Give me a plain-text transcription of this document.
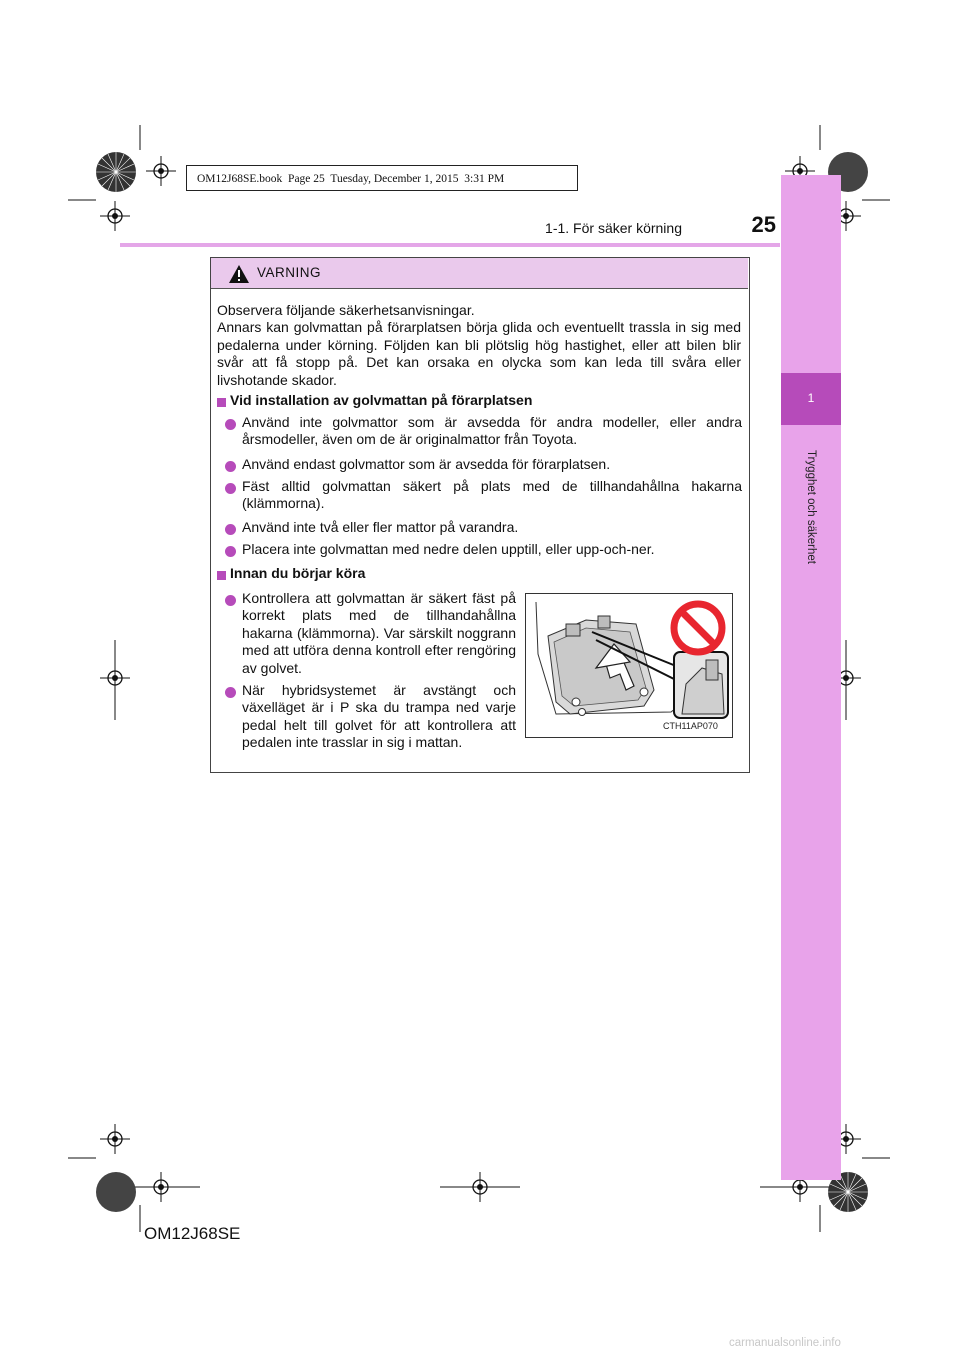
OM12J68SE.book  Page 25  Tuesday, December 1, 2015  3:31 PM
1
Trygghet och säkerhet
1-1. För säker körning	25
VARNING
Observera följande säkerhetsanvisningar.
Annars kan golvmattan på förarplatsen börja glida och eventuellt trassla in sig med pedalerna under körning. Följden kan bli plötslig hög hastighet, eller att bilen blir svår att få stopp på. Det kan orsaka en olycka som kan leda till svåra eller livshotande skador.
Vid installation av golvmattan på förarplatsen
Använd inte golvmattor som är avsedda för andra modeller, eller andra årsmodeller, även om de är originalmattor från Toyota.
Använd endast golvmattor som är avsedda för förarplatsen.
Fäst alltid golvmattan säkert på plats med de tillhandahållna hakarna (klämmorna).
Använd inte två eller fler mattor på varandra.
Placera inte golvmattan med nedre delen upptill, eller upp-och-ner.
Innan du börjar köra
Kontrollera att golvmattan är säkert fäst på korrekt plats med de tillhandahållna hakarna (klämmorna). Var särskilt noggrann med att utföra denna kontroll efter rengöring av golvet.
När hybridsystemet är avstängt och växelläget är i P ska du trampa ned varje pedal helt till golvet för att kontrollera att pedalen inte trasslar in sig i mattan.
CTH11AP070
OM12J68SE
carmanualsonline.info
